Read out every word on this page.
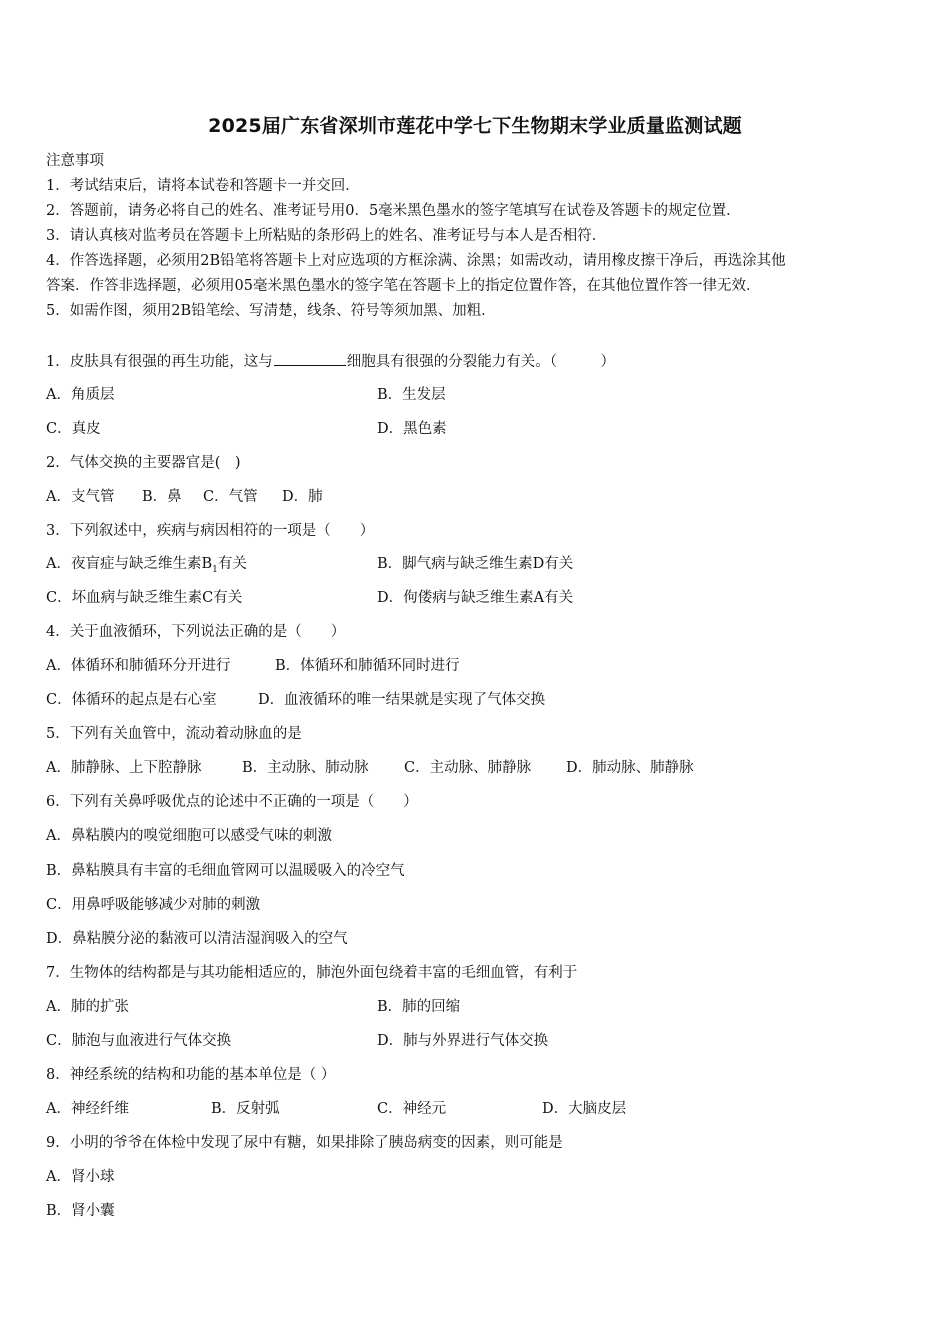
2025届广东省深圳市莲花中学七下生物期末学业质量监测试题
注意事项
1．考试结束后，请将本试卷和答题卡一并交回．
2．答题前，请务必将自己的姓名、准考证号用0．5毫米黑色墨水的签字笔填写在试卷及答题卡的规定位置．
3．请认真核对监考员在答题卡上所粘贴的条形码上的姓名、准考证号与本人是否相符．
4．作答选择题，必须用2B铅笔将答题卡上对应选项的方框涂满、涂黑；如需改动，请用橡皮擦干净后，再选涂其他
答案．作答非选择题，必须用05毫米黑色墨水的签字笔在答题卡上的指定位置作答，在其他位置作答一律无效．
5．如需作图，须用2B铅笔绘、写清楚，线条、符号等须加黑、加粗．
1．皮肤具有很强的再生功能，这与	细胞具有很强的分裂能力有关。（　　　）
A．角质层	B．生发层
C．真皮	D．黑色素
2．气体交换的主要器官是(　)
A．支气管 B．鼻 C．气管 D．肺
3．下列叙述中，疾病与病因相符的一项是（　　）
A．夜盲症与缺乏维生素$B_1$有关	B．脚气病与缺乏维生素D有关
C．坏血病与缺乏维生素C有关	D．佝偻病与缺乏维生素A有关
4．关于血液循环，下列说法正确的是（　　）
A．体循环和肺循环分开进行	B．体循环和肺循环同时进行
C．体循环的起点是右心室	D．血液循环的唯一结果就是实现了气体交换
5．下列有关血管中，流动着动脉血的是
A．肺静脉、上下腔静脉	B．主动脉、肺动脉 C．主动脉、肺静脉 D．肺动脉、肺静脉
6．下列有关鼻呼吸优点的论述中不正确的一项是（　　）
A．鼻粘膜内的嗅觉细胞可以感受气味的刺激
B．鼻粘膜具有丰富的毛细血管网可以温暖吸入的冷空气
C．用鼻呼吸能够减少对肺的刺激
D．鼻粘膜分泌的黏液可以清洁湿润吸入的空气
7．生物体的结构都是与其功能相适应的，肺泡外面包绕着丰富的毛细血管，有利于
A．肺的扩张	B．肺的回缩
C．肺泡与血液进行气体交换	D．肺与外界进行气体交换
8．神经系统的结构和功能的基本单位是（ ）
A．神经纤维	B．反射弧	C．神经元	D．大脑皮层
9．小明的爷爷在体检中发现了尿中有糖，如果排除了胰岛病变的因素，则可能是
A．肾小球
B．肾小囊
